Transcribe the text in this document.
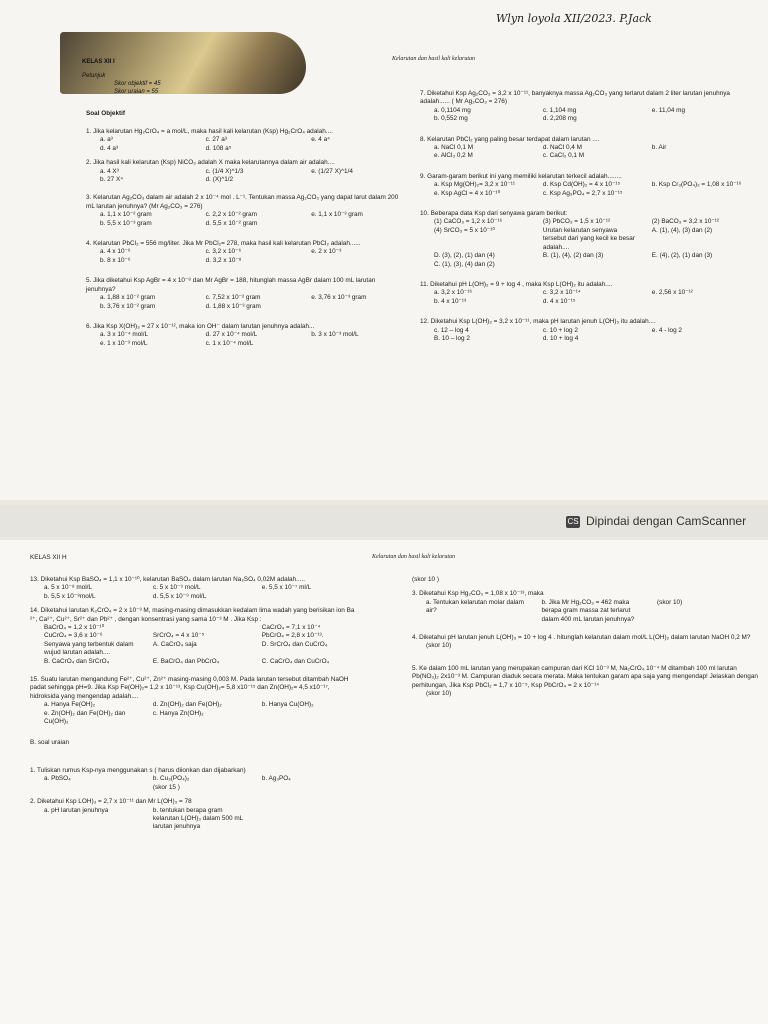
KELAS XII I
Petunjuk
Skor objektif = 45
Skor uraian = 55
Wlyn loyola XII/2023. P.Jack
Kelarutan dan hasil kali kelarutan
Soal Objektif

1. Jika kelarutan Hg₂CrO₄ = a mol/L, maka hasil kali kelarutan (Ksp) Hg₂CrO₄ adalah....

a. a³	c. 27 a³	e. 4 a⁴
d. 4 a³	d. 108 a⁵

2. Jika hasil kali kelarutan (Ksp) NiCO₃ adalah X maka kelarutannya dalam air adalah....

a. 4 X³	c. (1/4 X)^1/3	e. (1/27 X)^1/4
b. 27 X⁴	d. (X)^1/2

3. Kelarutan Ag₂CO₃ dalam air adalah 2 x 10⁻⁴ mol . L⁻¹. Tentukan massa Ag₂CO₃ yang dapat larut dalam 200 mL larutan jenuhnya? (Mr Ag₂CO₃ = 276)

a. 1,1 x 10⁻² gram	c. 2,2 x 10⁻² gram	e. 1,1 x 10⁻³ gram
b. 5,5 x 10⁻³ gram	d. 5,5 x 10⁻² gram

4. Kelarutan PbCl₂ = 556 mg/liter. Jika Mr PbCl₂= 278, maka hasil kali kelarutan PbCl₂ adalah......

a. 4 x 10⁻⁶	c. 3,2 x 10⁻⁶	e. 2 x 10⁻³
b. 8 x 10⁻⁶	d. 3,2 x 10⁻⁸

5. Jika diketahui Ksp AgBr = 4 x 10⁻⁸ dan Mr AgBr = 188, hitunglah massa AgBr dalam 100 mL larutan jenuhnya?

a. 1,88 x 10⁻² gram	c. 7,52 x 10⁻² gram	e. 3,76 x 10⁻³ gram
b. 3,76 x 10⁻² gram	d. 1,88 x 10⁻³ gram

6. Jika Ksp X(OH)₃ = 27 x 10⁻¹², maka ion OH⁻ dalam larutan jenuhnya adalah...

a. 3 x 10⁻⁴ mol/L	d. 27 x 10⁻⁴ mol/L	b. 3 x 10⁻³ mol/L
e. 1 x 10⁻³ mol/L	c. 1 x 10⁻⁴ mol/L

7. Diketahui Ksp Ag₂CO₃ = 3,2 x 10⁻¹¹, banyaknya massa Ag₂CO₃ yang terlarut dalam 2 liter larutan jenuhnya adalah...... ( Mr Ag₂CO₃ = 276)

a. 0,1104 mg	c. 1,104 mg	e. 11,04 mg
b. 0,552 mg	d. 2,208 mg

8. Kelarutan PbCl₂ yang paling besar terdapat dalam larutan ....

a. NaCl 0,1 M	d. NaCl 0,4 M	b. Air
e. AlCl₃ 0,2 M	c. CaCl₂ 0,1 M

9. Garam-garam berikut ini yang memiliki kelarutan terkecil adalah........

a. Ksp Mg(OH)₂= 3,2 x 10⁻¹¹	d. Ksp Cd(OH)₂ = 4 x 10⁻¹⁵	b. Ksp Cr₃(PO₄)₂ = 1,08 x 10⁻¹⁶
e. Ksp AgCl = 4 x 10⁻¹⁰	c. Ksp Ag₃PO₄ = 2,7 x 10⁻¹⁵

10. Beberapa data Ksp dari senyawa garam berikut:

(1) CaCO₃ = 1,2 x 10⁻¹⁶	(3) PbCO₃ = 1,5 x 10⁻¹²	(2) BaCO₃ = 3,2 x 10⁻¹²
(4) SrCO₃ = 5 x 10⁻¹⁰	Urutan kelarutan senyawa tersebut dari yang kecil ke besar adalah....
A. (1), (4), (3) dan (2)
D. (3), (2), (1) dan (4)	B. (1), (4), (2) dan (3)	E. (4), (2), (1) dan (3)
C. (1), (3), (4) dan (2)

11. Diketahui pH L(OH)₂ = 9 + log 4 , maka Ksp L(OH)₂ itu adalah....

a. 3,2 x 10⁻¹⁶	c. 3,2 x 10⁻¹⁴	e. 2,56 x 10⁻¹²
b. 4 x 10⁻¹³	d. 4 x 10⁻¹⁵

12. Diketahui Ksp L(OH)₃ = 3,2 x 10⁻¹¹, maka pH larutan jenuh L(OH)₃ itu adalah....

c. 12 – log 4	c. 10 + log 2	e. 4 - log 2
B. 10 – log 2	d. 10 + log 4
CS Dipindai dengan CamScanner
KELAS XII H	Kelarutan dan hasil kali kelarutan

13. Diketahui Ksp BaSO₄ = 1,1 x 10⁻¹⁰, kelarutan BaSO₄ dalam larutan Na₂SO₄ 0,02M adalah.....

a. 5 x 10⁻⁸ mol/L	c. 5 x 10⁻⁹ mol/L	e. 5,5 x 10⁻⁷ ml/L
b. 5,5 x 10⁻⁸mol/L	d. 5,5 x 10⁻⁹ mol/L

14. Diketahui larutan K₂CrO₄ = 2 x 10⁻³ M, masing-masing dimasukkan kedalam lima wadah yang berisikan ion Ba ²⁺, Ca²⁺, Cu²⁺, Sr²⁺ dan Pb²⁺ , dengan konsentrasi yang sama 10⁻³ M . Jika Ksp :

BaCrO₄ = 1,2 x 10⁻¹⁰	CaCrO₄ = 7,1 x 10⁻⁴
CuCrO₄ = 3,6 x 10⁻⁶	SrCrO₄ = 4 x 10⁻⁵	PbCrO₄ = 2,8 x 10⁻¹³.
Senyawa yang terbentuk dalam wujud larutan adalah....
A. CaCrO₄ saja	D. SrCrO₄ dan CuCrO₄
B. CaCrO₄ dan SrCrO₄	E. BaCrO₄ dan PbCrO₄	C. CaCrO₄ dan CuCrO₄

15. Suatu larutan mengandung Fe²⁺, Cu²⁺, Zn²⁺ masing-masing 0,003 M. Pada larutan tersebut ditambah NaOH padat sehingga pH=9. Jika Ksp Fe(OH)₂= 1,2 x 10⁻¹³, Ksp Cu(OH)₂= 5,8 x10⁻¹⁵ dan Zn(OH)₂= 4,5 x10⁻¹⁷, hidroksida yang mengendap adalah....

a. Hanya Fe(OH)₂	d. Zn(OH)₂ dan Fe(OH)₂	b. Hanya Cu(OH)₂
e. Zn(OH)₂ dan Fe(OH)₂ dan Cu(OH)₂
c. Hanya Zn(OH)₂

B. soal uraian

1. Tuliskan rumus Ksp-nya menggunakan s ( harus diionkan dan dijabarkan)

a. PbSO₄	b. Cu₃(PO₄)₂	b. Ag₃PO₄
(skor 15 )

2. Diketahui Ksp LOH)₃ = 2,7 x 10⁻¹¹ dan Mr L(OH)₃ = 78

a. pH larutan jenuhnya	b. tentukan berapa gram kelarutan L(OH)₃ dalam 500 mL larutan jenuhnya

(skor 10 )

3. Diketahui Ksp Hg₂CO₃ = 1,08 x 10⁻¹³, maka

a. Tentukan kelarutan molar dalam air?
b. Jika Mr Hg₂CO₃ = 462 maka berapa gram massa zat terlarut dalam 400 mL larutan jenuhnya?
(skor 10)

4. Diketahui pH larutan jenuh L(OH)₃ = 10 + log 4 . hitunglah kelarutan dalam mol/L L(OH)₂ dalam larutan NaOH 0,2 M?

(skor 10)

5. Ke dalam 100 mL larutan yang merupakan campuran dari KCl 10⁻³ M, Na₂CrO₄ 10⁻⁴ M ditambah 100 ml larutan Pb(NO₃)₂ 2x10⁻³ M. Campuran diaduk secara merata. Maka tentukan garam apa saja yang mengendap! Jelaskan dengan perhitungan, Jika Ksp PbCl₂ = 1,7 x 10⁻⁵, Ksp PbCrO₄ = 2 x 10⁻¹⁴

(skor 10)
